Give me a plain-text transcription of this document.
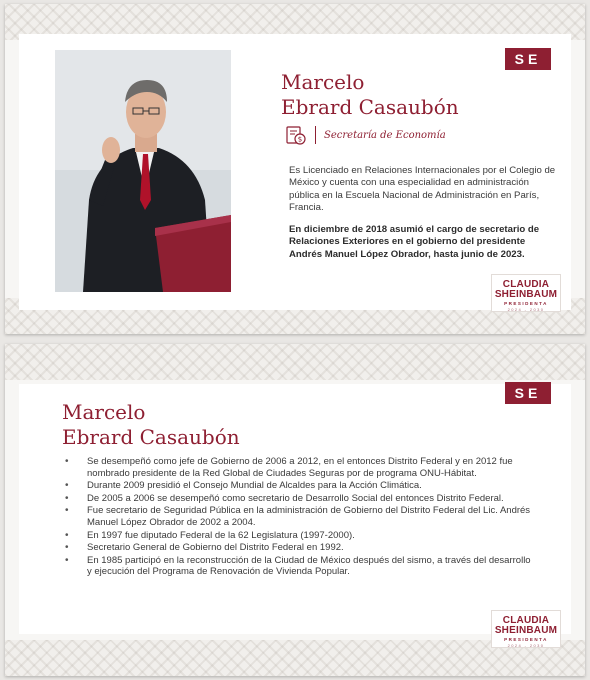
SE
Marcelo
Ebrard Casaubón
$ Secretaría de Economía

Es Licenciado en Relaciones Internacionales por el Colegio de México y cuenta con una especialidad en administración pública en la Escuela Nacional de Administración en París, Francia.

En diciembre de 2018 asumió el cargo de secretario de Relaciones Exteriores en el gobierno del presidente Andrés Manuel López Obrador, hasta junio de 2023.

CLAUDIA
SHEINBAUM
PRESIDENTA
2024 - 2030
SE
Marcelo
Ebrard Casaubón
• Se desempeñó como jefe de Gobierno de 2006 a 2012, en el entonces Distrito Federal y en 2012 fue nombrado presidente de la Red Global de Ciudades Seguras por de programa ONU-Hábitat.
• Durante 2009 presidió el Consejo Mundial de Alcaldes para la Acción Climática.
• De 2005 a 2006 se desempeñó como secretario de Desarrollo Social del entonces Distrito Federal.
• Fue secretario de Seguridad Pública en la administración de Gobierno del Distrito Federal del Lic. Andrés Manuel López Obrador de 2002 a 2004.
• En 1997 fue diputado Federal de la 62 Legislatura (1997-2000).
• Secretario General de Gobierno del Distrito Federal en 1992.
• En 1985 participó en la reconstrucción de la Ciudad de México después del sismo, a través del desarrollo y ejecución del Programa de Renovación de Vivienda Popular.
CLAUDIA
SHEINBAUM
PRESIDENTA
2024 - 2030
